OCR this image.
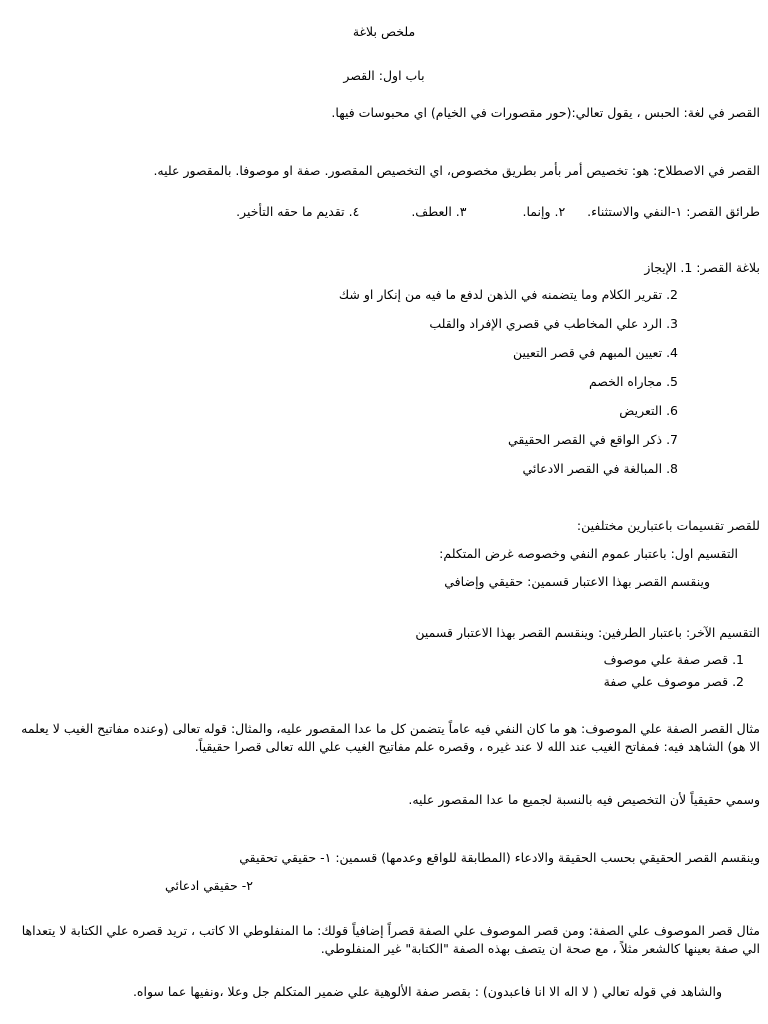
ملخص بلاغة
باب اول: القصر
القصر في لغة: الحبس ، يقول تعالي:(حور مقصورات في الخيام) اي محبوسات فيها.
القصر في الاصطلاح: هو: تخصيص أمر بأمر بطريق مخصوص، اي التخصيص المقصور. صفة او موصوفا. بالمقصور عليه.
طرائق القصر:
١-النفي والاستثناء.
٢. وإنما.
٣. العطف.
٤. تقديم ما حقه التأخير.
بلاغة القصر: 1. الإيجاز
2.تقرير الكلام وما يتضمنه في الذهن لدفع ما فيه من إنكار او شك
3.الرد علي المخاطب في قصري الإفراد والقلب
4.تعيين المبهم في قصر التعيين
5.مجاراه الخصم
6.التعريض
7.ذكر الواقع في القصر الحقيقي
8.المبالغة في القصر الادعائي
للقصر تقسيمات باعتبارين مختلفين:
التقسيم اول: باعتبار عموم النفي وخصوصه غرض المتكلم:
وينقسم القصر بهذا الاعتبار قسمين: حقيقي وإضافي
التقسيم الآخر: باعتبار الطرفين: وينقسم القصر بهذا الاعتبار قسمين
1.قصر صفة علي موصوف
2.قصر موصوف علي صفة
مثال القصر الصفة علي الموصوف: هو ما كان النفي فيه عاماً يتضمن كل ما عدا المقصور عليه، والمثال: قوله تعالى (وعنده مفاتيح الغيب لا يعلمه الا هو) الشاهد فيه: فمفاتح الغيب عند الله لا عند غيره ، وقصره علم مفاتيح الغيب علي الله تعالى قصرا حقيقياً.
وسمي حقيقياً لأن التخصيص فيه بالنسبة لجميع ما عدا المقصور عليه.
وينقسم القصر الحقيقي بحسب الحقيقة والادعاء (المطابقة للواقع وعدمها) قسمين: ١- حقيقي تحقيقي
٢- حقيقي ادعائي
مثال قصر الموصوف علي الصفة: ومن قصر الموصوف علي الصفة قصراً إضافياً قولك: ما المنفلوطي الا كاتب ، تريد قصره علي الكتابة لا يتعداها الي صفة بعينها كالشعر مثلاً ، مع صحة ان يتصف بهذه الصفة "الكتابة" غير المنفلوطي.
والشاهد في قوله تعالي ( لا اله الا انا فاعبدون) : بقصر صفة الألوهية علي ضمير المتكلم جل وعلا ،ونفيها عما سواه.
